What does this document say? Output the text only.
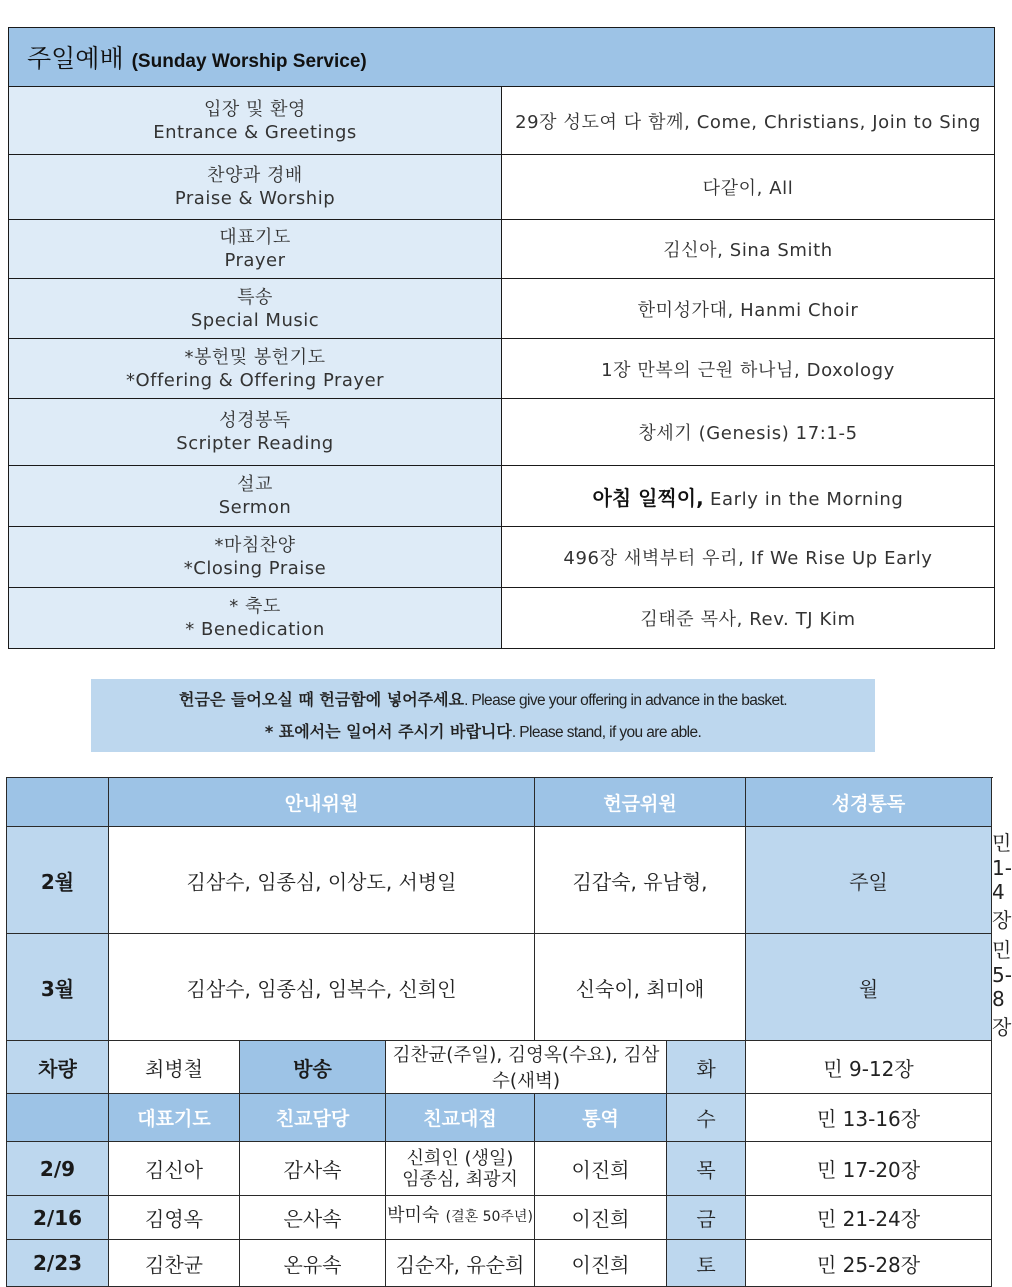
주일예배 (Sunday Worship Service)	

입장 및 환영
Entrance & Greetings	29장 성도여 다 함께, Come, Christians, Join to Sing

찬양과 경배
Praise & Worship	다같이, All

대표기도
Prayer	김신아, Sina Smith

특송
Special Music	한미성가대, Hanmi Choir

*봉헌및 봉헌기도
*Offering & Offering Prayer	1장 만복의 근원 하나님, Doxology

성경봉독
Scripter Reading	창세기 (Genesis) 17:1-5

설교
Sermon	아침 일찍이, Early in the Morning

*마침찬양
*Closing Praise	496장 새벽부터 우리, If We Rise Up Early

* 축도
* Benedication	김태준 목사, Rev. TJ Kim
헌금은 들어오실 때 헌금함에 넣어주세요. Please give your offering in advance in the basket.
* 표에서는 일어서 주시기 바랍니다. Please stand, if you are able.
	안내위원			헌금위원		성경통독	
2월	김삼수, 임종심, 이상도, 서병일			김갑숙, 유남형,		주일	민 1-4장
3월	김삼수, 임종심, 임복수, 신희인			신숙이, 최미애		월	민 5-8장
차량	최병철	방송	김찬균(주일), 김영옥(수요), 김삼수(새벽)		화	민 9-12장	
	대표기도	친교담당	친교대접	통역	수	민 13-16장	
2/9	김신아	감사속	신희인 (생일)
임종심, 최광지	이진희	목	민 17-20장	
2/16	김영옥	은사속	박미숙 (결혼 50주년)	이진희	금	민 21-24장	
2/23	김찬균	온유속	김순자, 유순희	이진희	토	민 25-28장	
